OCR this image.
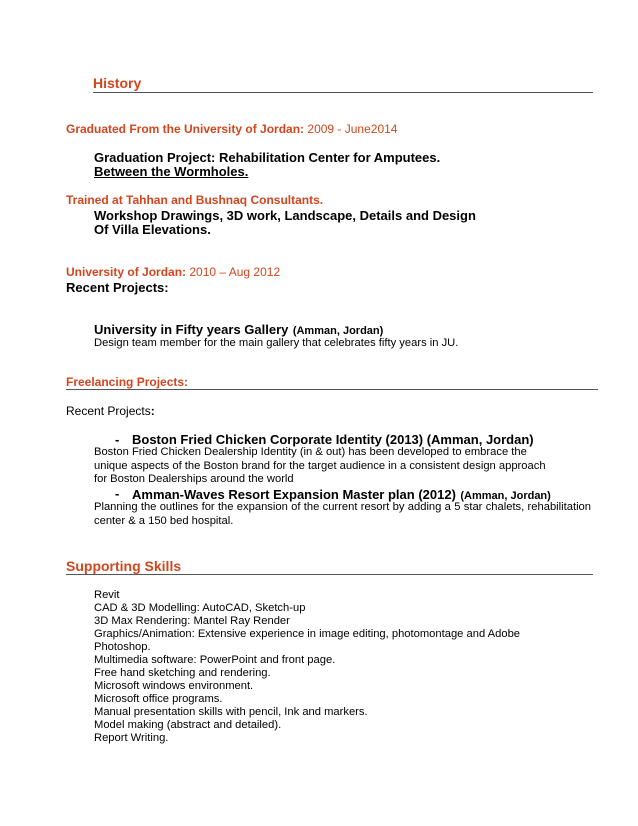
History
Graduated From the University of Jordan: 2009 - June2014
Graduation Project: Rehabilitation Center for Amputees.
Between the Wormholes.
Trained at Tahhan and Bushnaq Consultants.
Workshop Drawings, 3D work, Landscape, Details and Design
Of Villa Elevations.
University of Jordan: 2010 – Aug 2012
Recent Projects:
University in Fifty years Gallery (Amman, Jordan)
Design team member for the main gallery that celebrates fifty years in JU.
Freelancing Projects:
Recent Projects:
- Boston Fried Chicken Corporate Identity (2013) (Amman, Jordan)
Boston Fried Chicken Dealership Identity (in & out) has been developed to embrace the
unique aspects of the Boston brand for the target audience in a consistent design approach
for Boston Dealerships around the world
- Amman-Waves Resort Expansion Master plan (2012) (Amman, Jordan)
Planning the outlines for the expansion of the current resort by adding a 5 star chalets, rehabilitation center & a 150 bed hospital.
Supporting Skills
Revit
CAD & 3D Modelling: AutoCAD, Sketch-up
3D Max Rendering: Mantel Ray Render
Graphics/Animation: Extensive experience in image editing, photomontage and Adobe
Photoshop.
Multimedia software: PowerPoint and front page.
Free hand sketching and rendering.
Microsoft windows environment.
Microsoft office programs.
Manual presentation skills with pencil, Ink and markers.
Model making (abstract and detailed).
Report Writing.
